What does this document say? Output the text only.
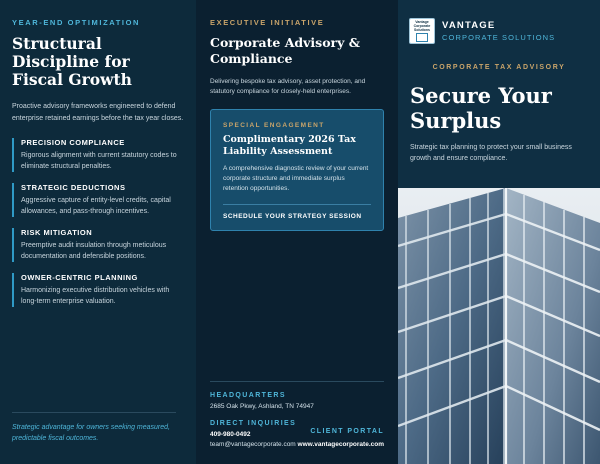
YEAR-END OPTIMIZATION
Structural Discipline for Fiscal Growth

Proactive advisory frameworks engineered to defend enterprise retained earnings before the tax year closes.

PRECISION COMPLIANCE
Rigorous alignment with current statutory codes to eliminate structural penalties.
STRATEGIC DEDUCTIONS
Aggressive capture of entity-level credits, capital allowances, and pass-through incentives.
RISK MITIGATION
Preemptive audit insulation through meticulous documentation and defensible positions.
OWNER-CENTRIC PLANNING
Harmonizing executive distribution vehicles with long-term enterprise valuation.
Strategic advantage for owners seeking measured, predictable fiscal outcomes.
EXECUTIVE INITIATIVE
Corporate Advisory & Compliance

Delivering bespoke tax advisory, asset protection, and statutory compliance for closely-held enterprises.

SPECIAL ENGAGEMENT
Complimentary 2026 Tax Liability Assessment
A comprehensive diagnostic review of your current corporate structure and immediate surplus retention opportunities.
SCHEDULE YOUR STRATEGY SESSION
HEADQUARTERS
2685 Oak Pkwy, Ashland, TN 74947
DIRECT INQUIRIES
409-980-0492
team@vantagecorporate.com
CLIENT PORTAL
www.vantagecorporate.com
Vantage
Corporate
Solutions VANTAGE
CORPORATE SOLUTIONS
CORPORATE TAX ADVISORY
Secure Your Surplus

Strategic tax planning to protect your small business growth and ensure compliance.
